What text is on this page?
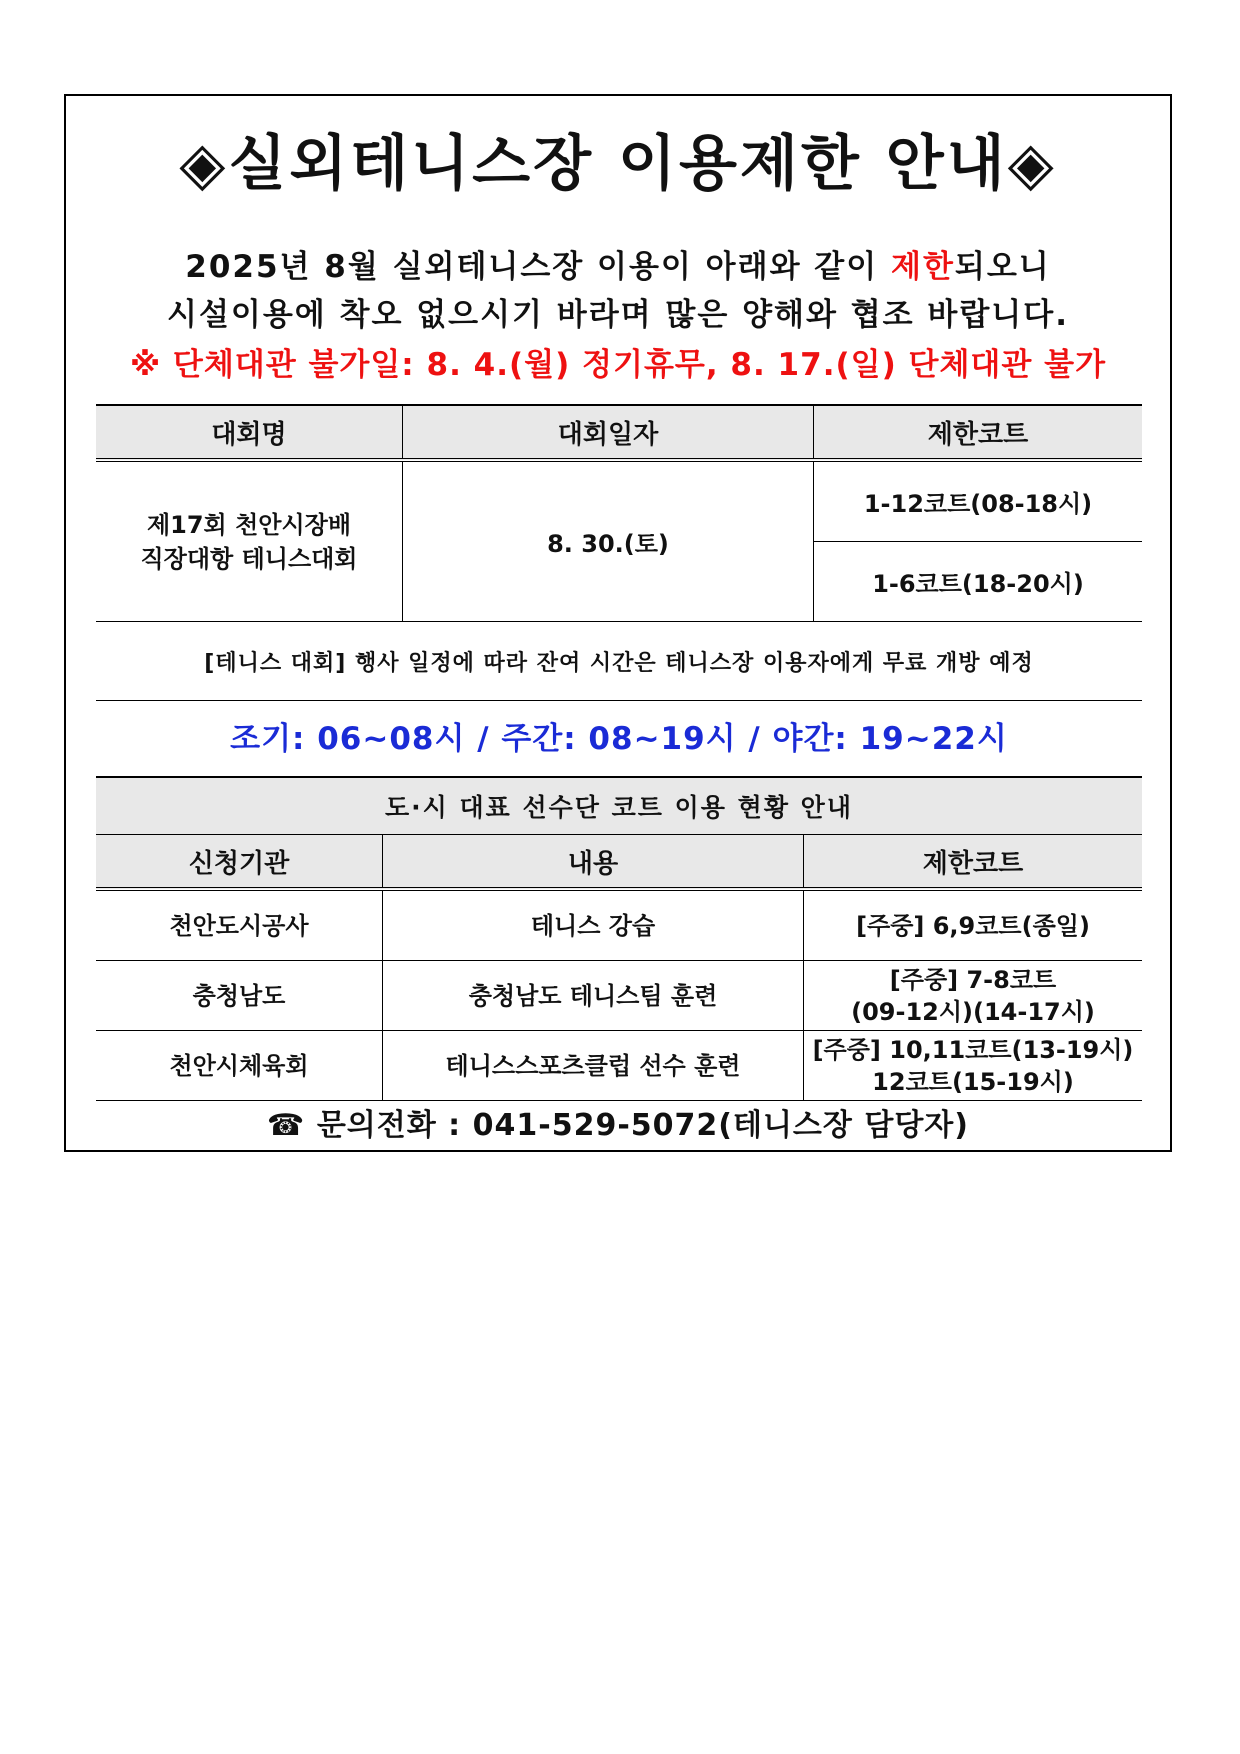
◈실외테니스장 이용제한 안내◈
2025년 8월 실외테니스장 이용이 아래와 같이 제한되오니
시설이용에 착오 없으시기 바라며 많은 양해와 협조 바랍니다.
※ 단체대관 불가일: 8. 4.(월) 정기휴무, 8. 17.(일) 단체대관 불가
대회명	대회일자	제한코트

제17회 천안시장배
직장대항 테니스대회	8. 30.(토)	1-12코트(08-18시)
		1-6코트(18-20시)
[테니스 대회] 행사 일정에 따라 잔여 시간은 테니스장 이용자에게 무료 개방 예정		
조기: 06~08시 / 주간: 08~19시 / 야간: 19~22시
도·시 대표 선수단 코트 이용 현황 안내		
신청기관	내용	제한코트
천안도시공사	테니스 강습	[주중] 6,9코트(종일)

충청남도	충청남도 테니스팀 훈련	[주중] 7-8코트
(09-12시)(14-17시)

천안시체육회	테니스스포츠클럽 선수 훈련	[주중] 10,11코트(13-19시)
12코트(15-19시)
☎ 문의전화 : 041-529-5072(테니스장 담당자)
